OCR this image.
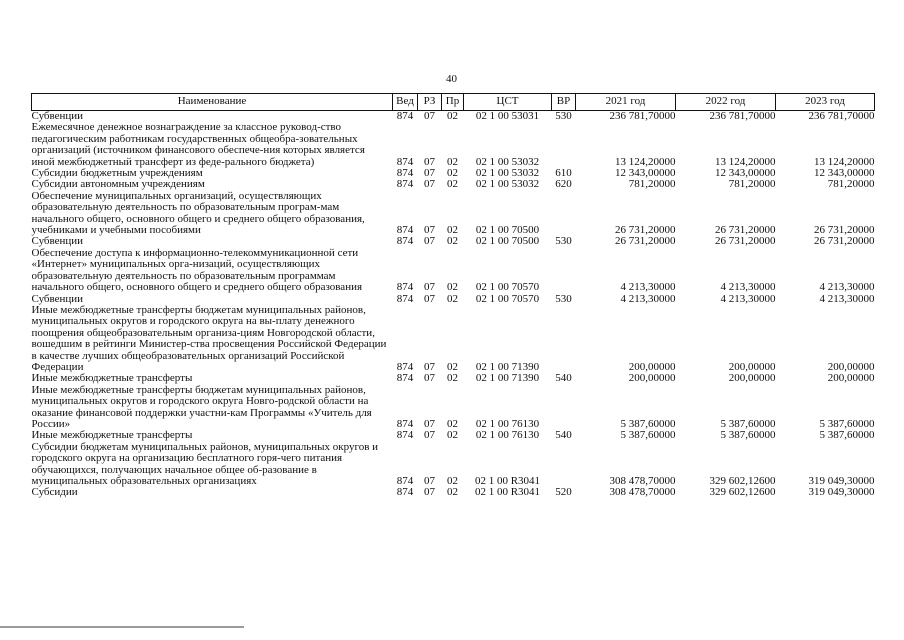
40
Наименование	Вед	РЗ	Пр	ЦСТ	ВР	2021 год	2022 год	2023 год
Субвенции	874	07	02	02 1 00 53031	530	236 781,70000	236 781,70000	236 781,70000
Ежемесячное денежное вознаграждение за классное руковод-ство педагогическим работникам государственных общеобра-зовательных организаций (источником финансового обеспече-ния которых является иной межбюджетный трансферт из феде-рального бюджета)	874	07	02	02 1 00 53032		13 124,20000	13 124,20000	13 124,20000
Субсидии бюджетным учреждениям	874	07	02	02 1 00 53032	610	12 343,00000	12 343,00000	12 343,00000
Субсидии автономным учреждениям	874	07	02	02 1 00 53032	620	781,20000	781,20000	781,20000
Обеспечение муниципальных организаций, осуществляющих образовательную деятельность по образовательным програм-мам начального общего, основного общего и среднего общего образования, учебниками и учебными пособиями	874	07	02	02 1 00 70500		26 731,20000	26 731,20000	26 731,20000
Субвенции	874	07	02	02 1 00 70500	530	26 731,20000	26 731,20000	26 731,20000
Обеспечение доступа к информационно-телекоммуникационной сети «Интернет» муниципальных орга-низаций, осуществляющих образовательную деятельность по образовательным программам начального общего, основного общего и среднего общего образования	874	07	02	02 1 00 70570		4 213,30000	4 213,30000	4 213,30000
Субвенции	874	07	02	02 1 00 70570	530	4 213,30000	4 213,30000	4 213,30000
Иные межбюджетные трансферты бюджетам муниципальных районов, муниципальных округов и городского округа на вы-плату денежного поощрения общеобразовательным организа-циям Новгородской области, вошедшим в рейтинги Министер-ства просвещения Российской Федерации в качестве лучших общеобразовательных организаций Российской Федерации	874	07	02	02 1 00 71390		200,00000	200,00000	200,00000
Иные межбюджетные трансферты	874	07	02	02 1 00 71390	540	200,00000	200,00000	200,00000
Иные межбюджетные трансферты бюджетам муниципальных районов, муниципальных округов и городского округа Новго-родской области на оказание финансовой поддержки участни-кам Программы «Учитель для России»	874	07	02	02 1 00 76130		5 387,60000	5 387,60000	5 387,60000
Иные межбюджетные трансферты	874	07	02	02 1 00 76130	540	5 387,60000	5 387,60000	5 387,60000
Субсидии бюджетам муниципальных районов, муниципальных округов и городского округа на организацию бесплатного горя-чего питания обучающихся, получающих начальное общее об-разование в муниципальных образовательных организациях	874	07	02	02 1 00 R3041		308 478,70000	329 602,12600	319 049,30000
Субсидии	874	07	02	02 1 00 R3041	520	308 478,70000	329 602,12600	319 049,30000
